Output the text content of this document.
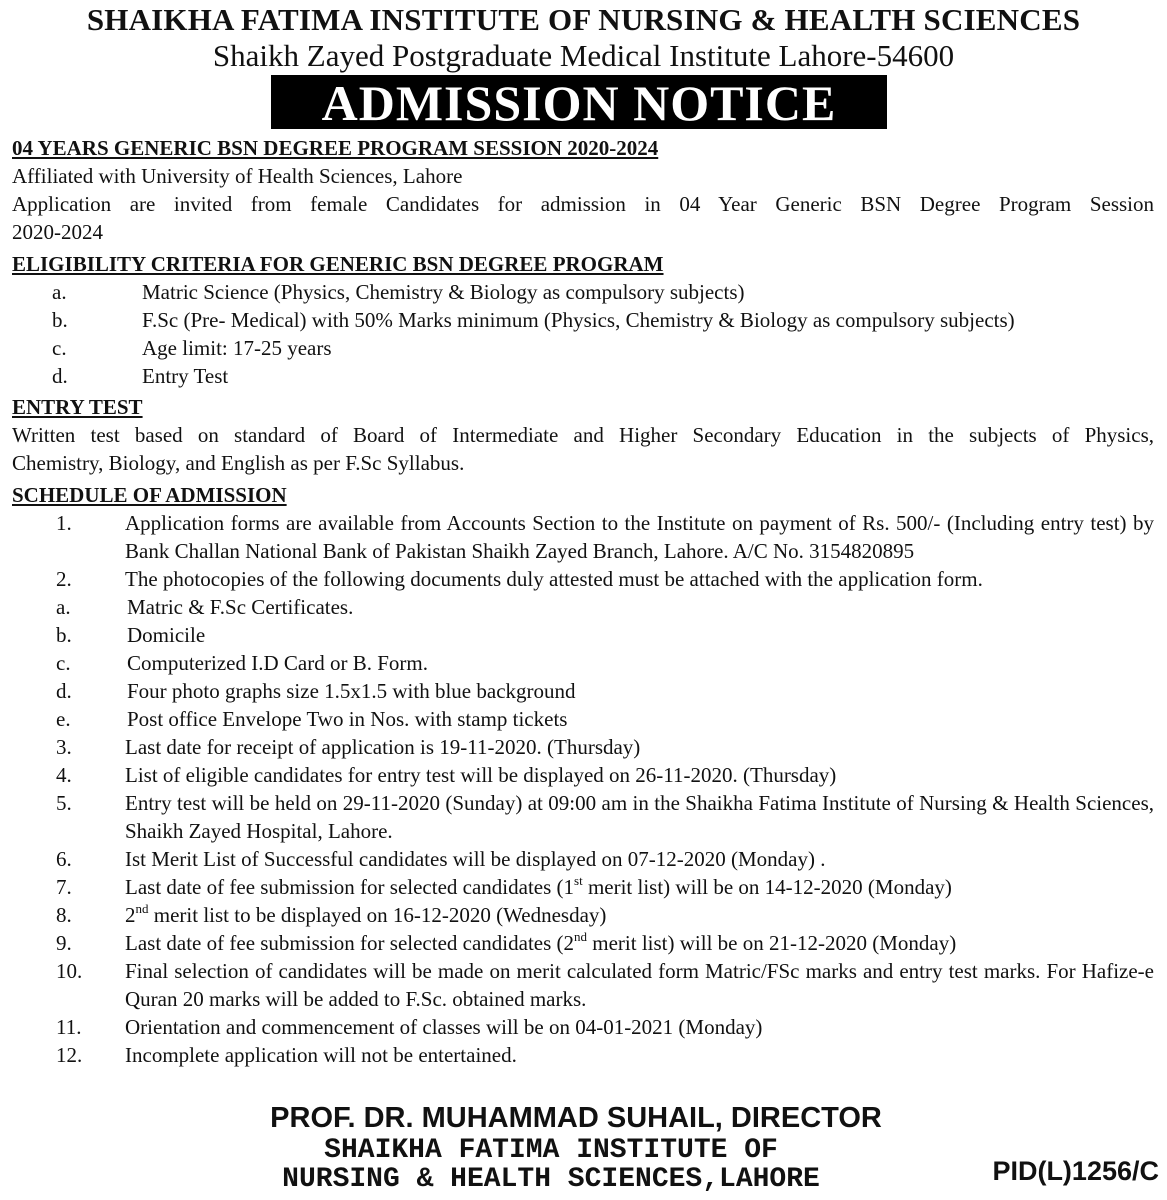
SHAIKHA FATIMA INSTITUTE OF NURSING & HEALTH SCIENCES
Shaikh Zayed Postgraduate Medical Institute Lahore-54600
ADMISSION NOTICE
04 YEARS GENERIC BSN DEGREE PROGRAM SESSION 2020-2024
Affiliated with University of Health Sciences, Lahore
Application are invited from female Candidates for admission in 04 Year Generic BSN Degree Program Session
2020-2024
ELIGIBILITY CRITERIA FOR GENERIC BSN DEGREE PROGRAM
a.	Matric Science (Physics, Chemistry & Biology as compulsory subjects)
b.	F.Sc (Pre- Medical) with 50% Marks minimum (Physics, Chemistry & Biology as compulsory subjects)
c.	Age limit: 17-25 years
d.	Entry Test
ENTRY TEST
Written test based on standard of Board of Intermediate and Higher Secondary Education in the subjects of Physics,
Chemistry, Biology, and English as per F.Sc Syllabus.
SCHEDULE OF ADMISSION
1.	Application forms are available from Accounts Section to the Institute on payment of Rs. 500/- (Including entry test) by Bank Challan National Bank of Pakistan Shaikh Zayed Branch, Lahore. A/C No. 3154820895
2.	The photocopies of the following documents duly attested must be attached with the application form.
a.	Matric & F.Sc Certificates.
b.	Domicile
c.	Computerized I.D Card or B. Form.
d.	Four photo graphs size 1.5x1.5 with blue background
e.	Post office Envelope Two in Nos. with stamp tickets
3.	Last date for receipt of application is 19-11-2020. (Thursday)
4.	List of eligible candidates for entry test will be displayed on 26-11-2020. (Thursday)
5.	Entry test will be held on 29-11-2020 (Sunday) at 09:00 am in the Shaikha Fatima Institute of Nursing & Health Sciences, Shaikh Zayed Hospital, Lahore.
6.	Ist Merit List of Successful candidates will be displayed on 07-12-2020 (Monday) .
7.	Last date of fee submission for selected candidates (1st merit list) will be on 14-12-2020 (Monday)
8.	2nd merit list to be displayed on 16-12-2020 (Wednesday)
9.	Last date of fee submission for selected candidates (2nd merit list) will be on 21-12-2020 (Monday)
10.	Final selection of candidates will be made on merit calculated form Matric/FSc marks and entry test marks. For Hafize-e Quran 20 marks will be added to F.Sc. obtained marks.
11.	Orientation and commencement of classes will be on 04-01-2021 (Monday)
12.	Incomplete application will not be entertained.
PROF. DR. MUHAMMAD SUHAIL, DIRECTOR
SHAIKHA FATIMA INSTITUTE OF
NURSING & HEALTH SCIENCES,LAHORE	PID(L)1256/C
